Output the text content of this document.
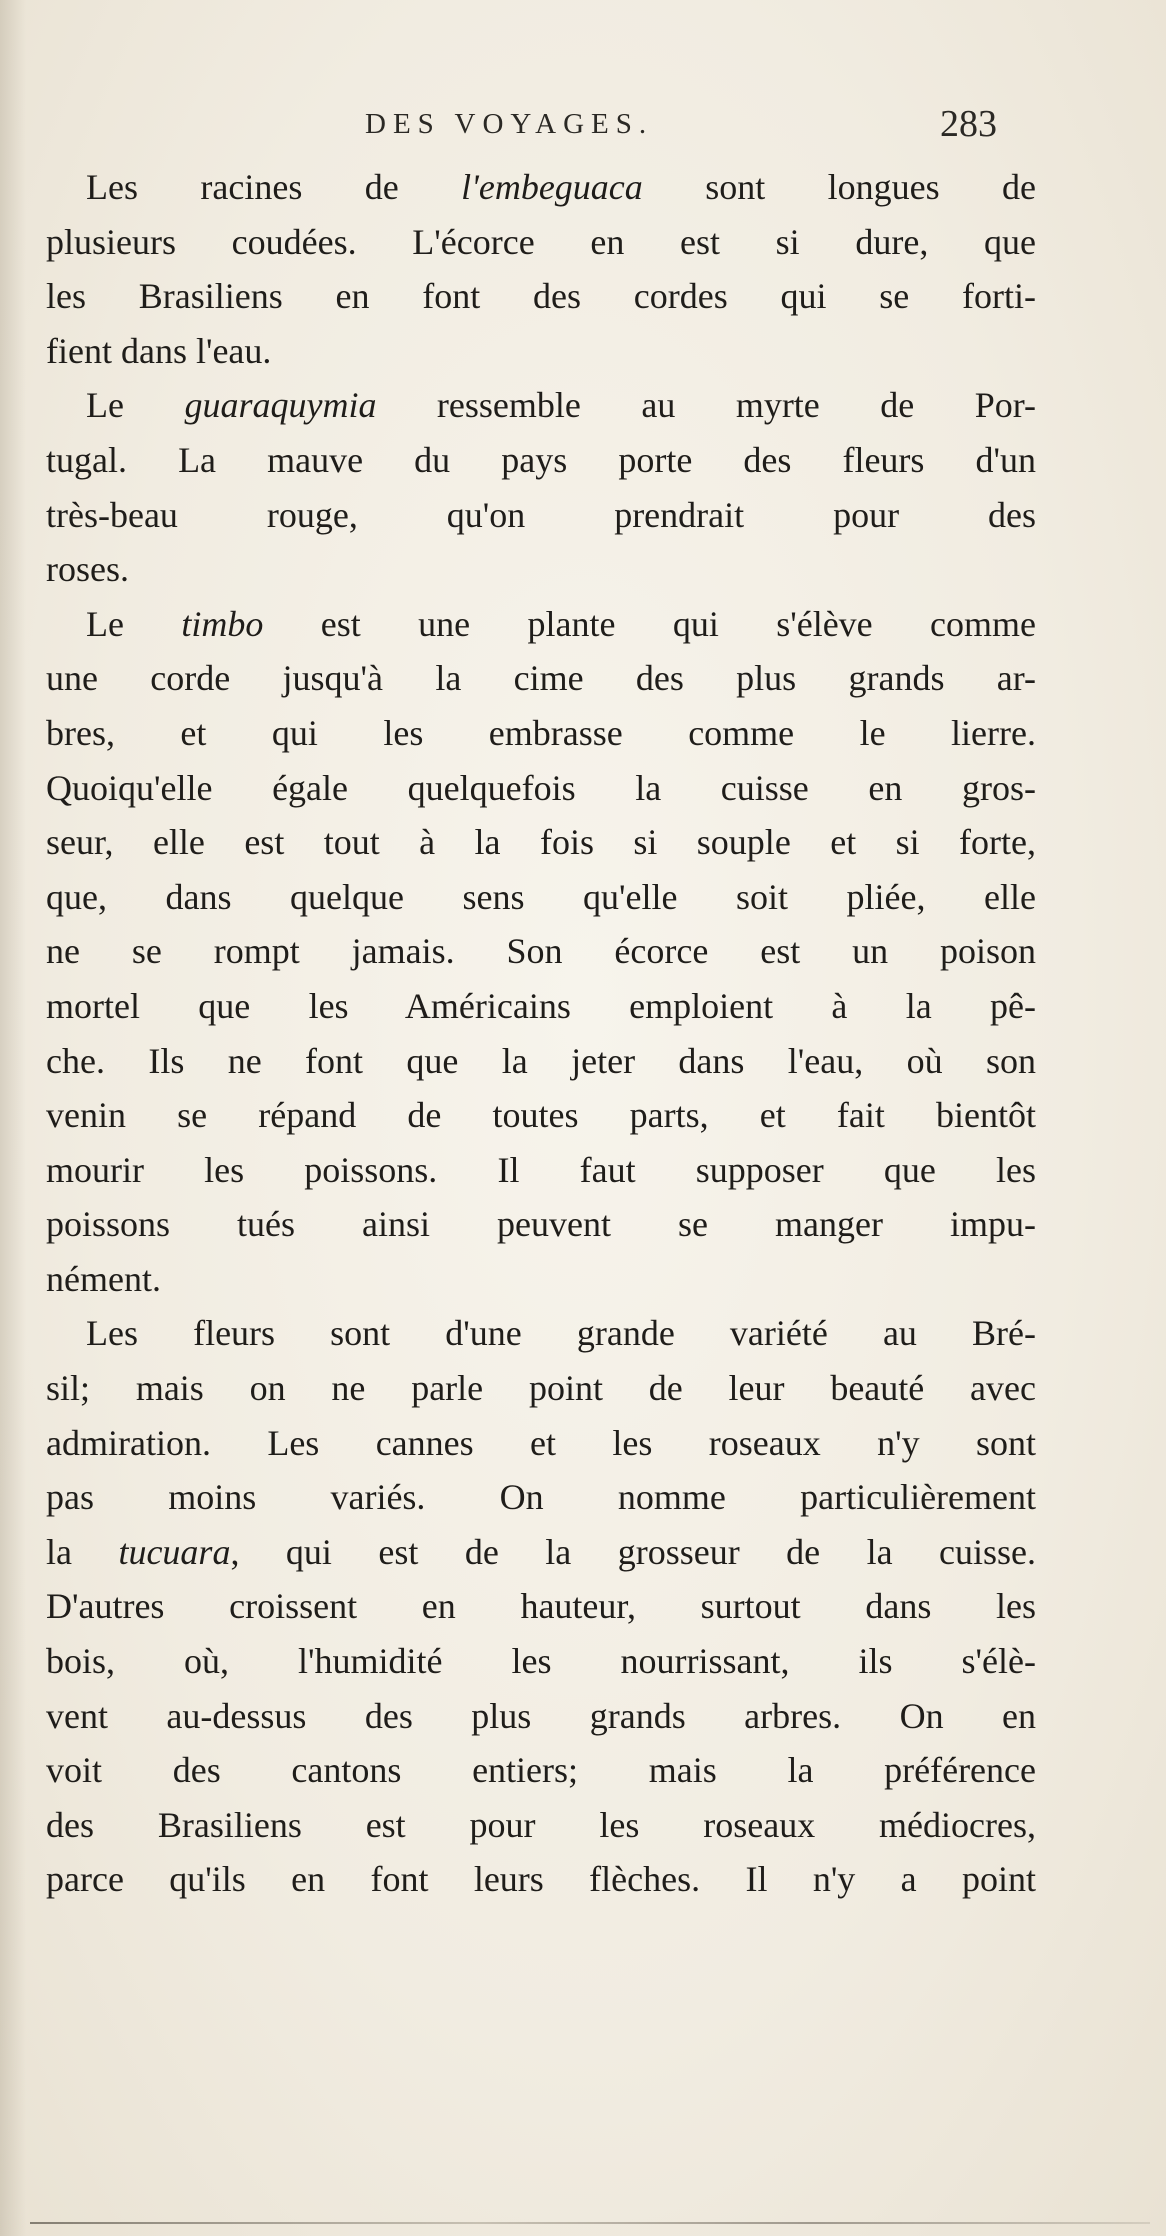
DES VOYAGES.	283

Les racines de l'embeguaca sont longues de
plusieurs coudées. L'écorce en est si dure, que
les Brasiliens en font des cordes qui se forti-
fient dans l'eau.

Le guaraquymia ressemble au myrte de Por-
tugal. La mauve du pays porte des fleurs d'un
très-beau rouge, qu'on prendrait pour des
roses.

Le timbo est une plante qui s'élève comme
une corde jusqu'à la cime des plus grands ar-
bres, et qui les embrasse comme le lierre.
Quoiqu'elle égale quelquefois la cuisse en gros-
seur, elle est tout à la fois si souple et si forte,
que, dans quelque sens qu'elle soit pliée, elle
ne se rompt jamais. Son écorce est un poison
mortel que les Américains emploient à la pê-
che. Ils ne font que la jeter dans l'eau, où son
venin se répand de toutes parts, et fait bientôt
mourir les poissons. Il faut supposer que les
poissons tués ainsi peuvent se manger impu-
nément.

Les fleurs sont d'une grande variété au Bré-
sil; mais on ne parle point de leur beauté avec
admiration. Les cannes et les roseaux n'y sont
pas moins variés. On nomme particulièrement
la tucuara, qui est de la grosseur de la cuisse.
D'autres croissent en hauteur, surtout dans les
bois, où, l'humidité les nourrissant, ils s'élè-
vent au-dessus des plus grands arbres. On en
voit des cantons entiers; mais la préférence
des Brasiliens est pour les roseaux médiocres,
parce qu'ils en font leurs flèches. Il n'y a point
